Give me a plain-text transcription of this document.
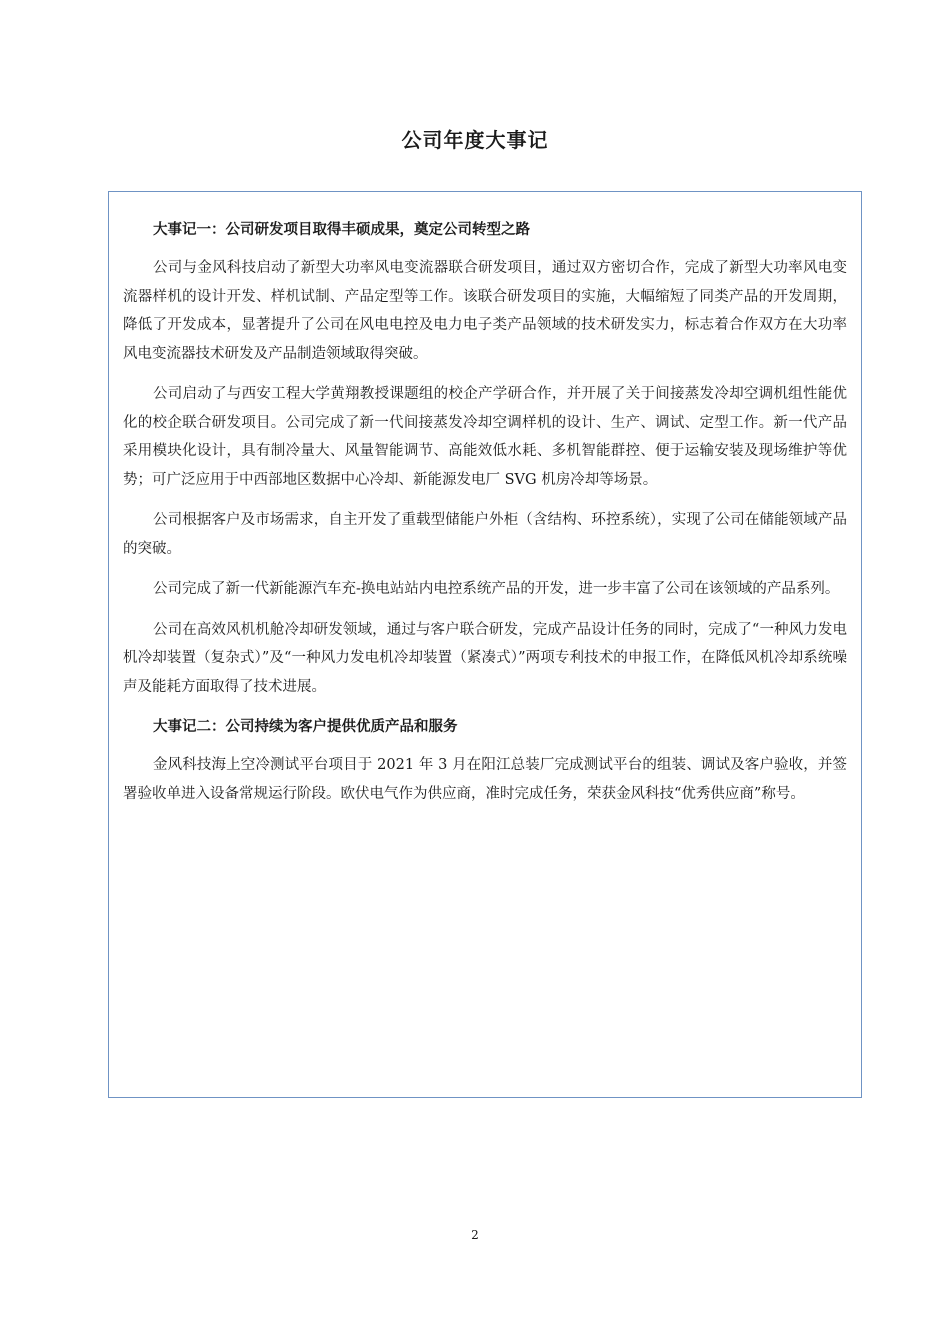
公司年度大事记
大事记一：公司研发项目取得丰硕成果，奠定公司转型之路

公司与金风科技启动了新型大功率风电变流器联合研发项目，通过双方密切合作，完成了新型大功率风电变流器样机的设计开发、样机试制、产品定型等工作。该联合研发项目的实施，大幅缩短了同类产品的开发周期，降低了开发成本，显著提升了公司在风电电控及电力电子类产品领域的技术研发实力，标志着合作双方在大功率风电变流器技术研发及产品制造领域取得突破。

公司启动了与西安工程大学黄翔教授课题组的校企产学研合作，并开展了关于间接蒸发冷却空调机组性能优化的校企联合研发项目。公司完成了新一代间接蒸发冷却空调样机的设计、生产、调试、定型工作。新一代产品采用模块化设计，具有制冷量大、风量智能调节、高能效低水耗、多机智能群控、便于运输安装及现场维护等优势；可广泛应用于中西部地区数据中心冷却、新能源发电厂 SVG 机房冷却等场景。

公司根据客户及市场需求，自主开发了重载型储能户外柜（含结构、环控系统），实现了公司在储能领域产品的突破。

公司完成了新一代新能源汽车充-换电站站内电控系统产品的开发，进一步丰富了公司在该领域的产品系列。

公司在高效风机机舱冷却研发领域，通过与客户联合研发，完成产品设计任务的同时，完成了“一种风力发电机冷却装置（复杂式）”及“一种风力发电机冷却装置（紧凑式）”两项专利技术的申报工作，在降低风机冷却系统噪声及能耗方面取得了技术进展。

大事记二：公司持续为客户提供优质产品和服务

金风科技海上空冷测试平台项目于 2021 年 3 月在阳江总装厂完成测试平台的组装、调试及客户验收，并签署验收单进入设备常规运行阶段。欧伏电气作为供应商，准时完成任务，荣获金风科技“优秀供应商”称号。

2
